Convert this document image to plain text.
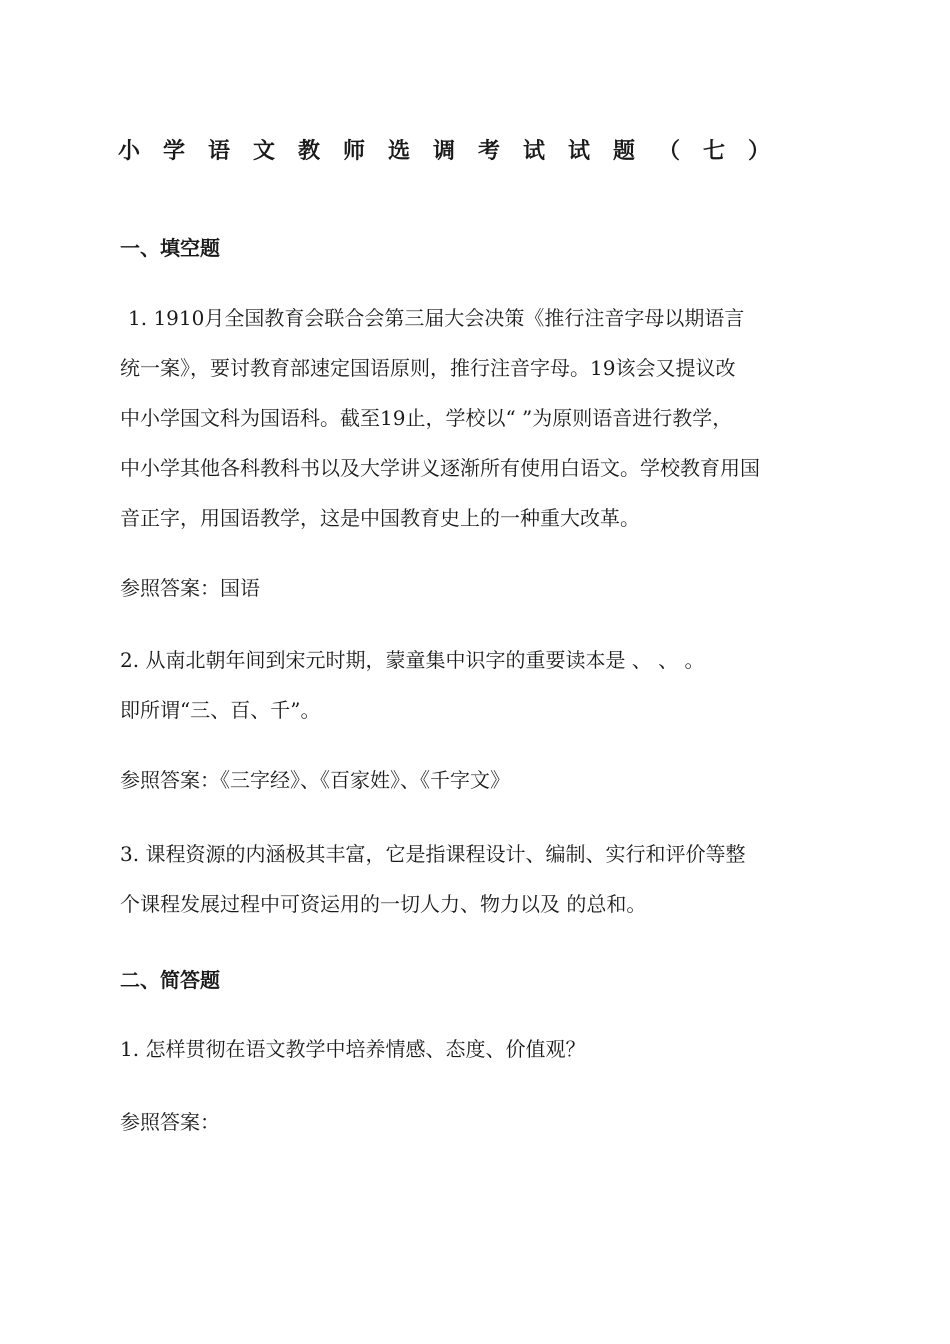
小学语文教师选调考试试题（七）
一、填空题
1. 1910月全国教育会联合会第三届大会决策《推行注音字母以期语言
统一案》，要讨教育部速定国语原则，推行注音字母。19该会又提议改
中小学国文科为国语科。截至19止，学校以“ ”为原则语音进行教学，
中小学其他各科教科书以及大学讲义逐渐所有使用白语文。学校教育用国
音正字，用国语教学，这是中国教育史上的一种重大改革。
参照答案：国语
2. 从南北朝年间到宋元时期，蒙童集中识字的重要读本是 、 、 。
即所谓“三、百、千”。
参照答案：《三字经》、《百家姓》、《千字文》
3. 课程资源的内涵极其丰富，它是指课程设计、编制、实行和评价等整
个课程发展过程中可资运用的一切人力、物力以及 的总和。
二、简答题
1. 怎样贯彻在语文教学中培养情感、态度、价值观？
参照答案：
